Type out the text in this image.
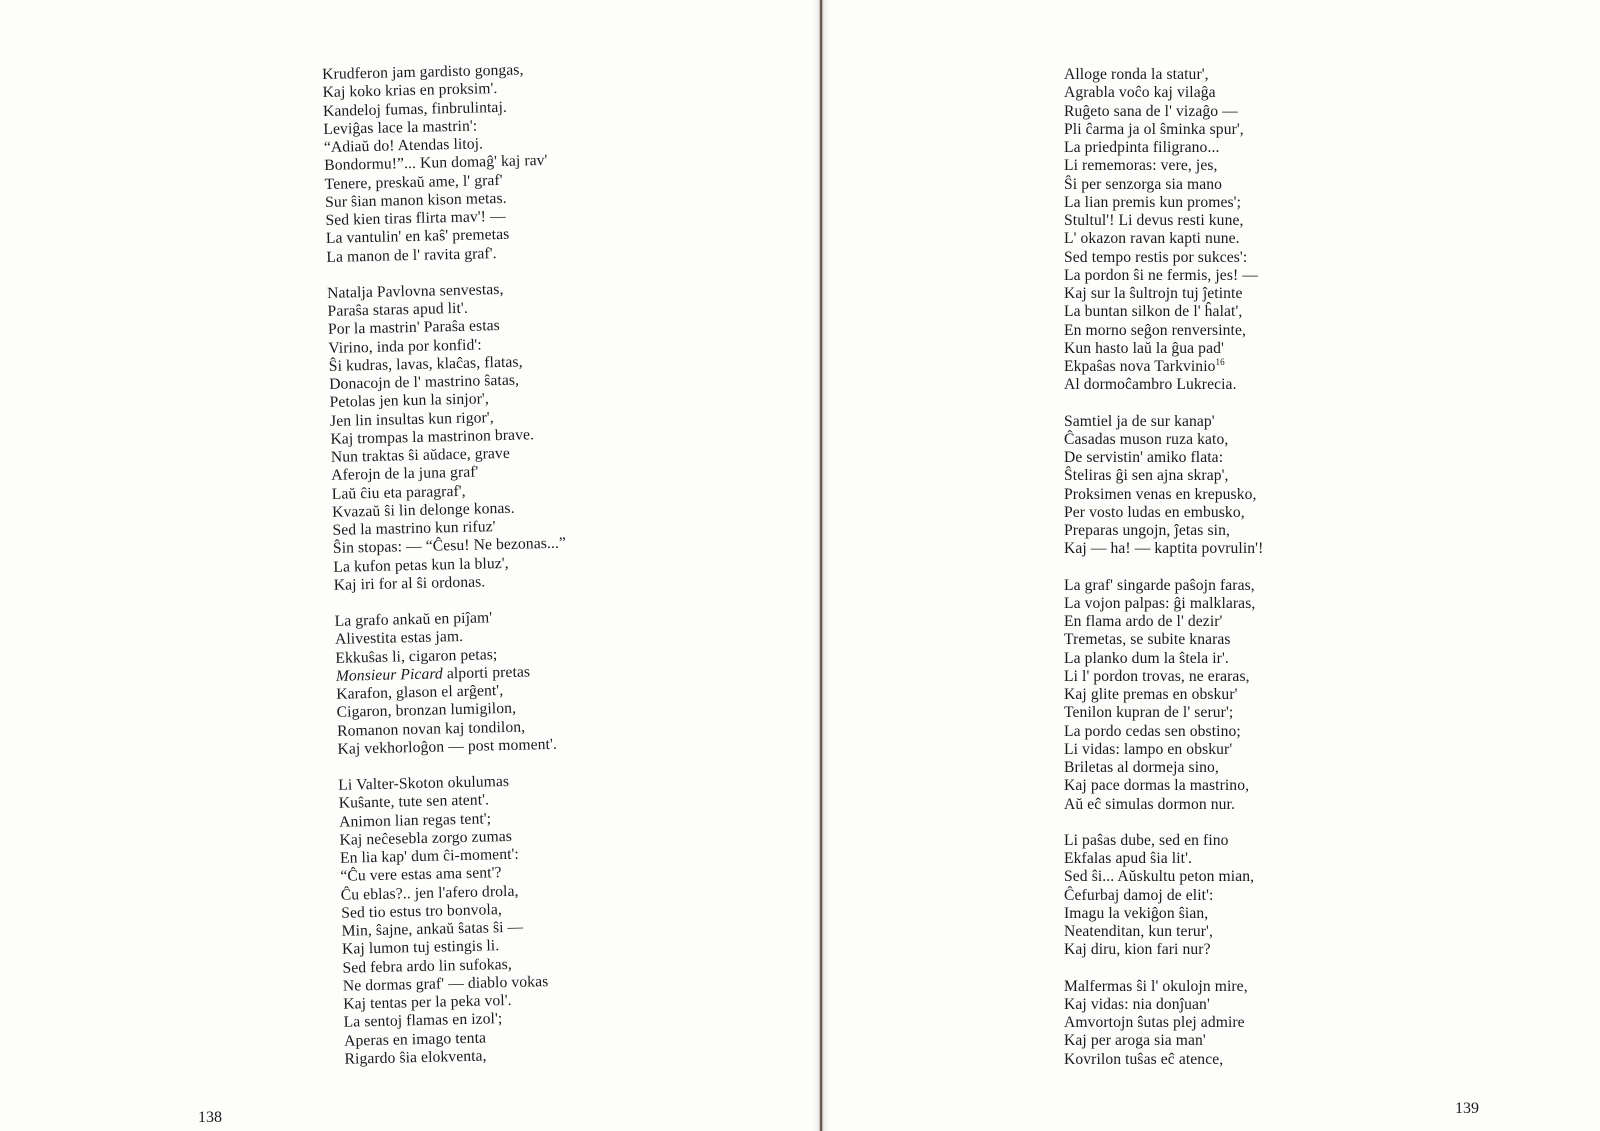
Krudferon jam gardisto gongas,
Kaj koko krias en proksim'.
Kandeloj fumas, finbrulintaj.
Leviĝas lace la mastrin':
“Adiaŭ do! Atendas litoj.
Bondormu!”... Kun domaĝ' kaj rav'
Tenere, preskaŭ ame, l' graf'
Sur ŝian manon kison metas.
Sed kien tiras flirta mav'! —
La vantulin' en kaŝ' premetas
La manon de l' ravita graf'.
Natalja Pavlovna senvestas,
Paraŝa staras apud lit'.
Por la mastrin' Paraŝa estas
Virino, inda por konfid':
Ŝi kudras, lavas, klaĉas, flatas,
Donacojn de l' mastrino ŝatas,
Petolas jen kun la sinjor',
Jen lin insultas kun rigor',
Kaj trompas la mastrinon brave.
Nun traktas ŝi aŭdace, grave
Aferojn de la juna graf'
Laŭ ĉiu eta paragraf',
Kvazaŭ ŝi lin delonge konas.
Sed la mastrino kun rifuz'
Ŝin stopas: — “Ĉesu! Ne bezonas...”
La kufon petas kun la bluz',
Kaj iri for al ŝi ordonas.
La grafo ankaŭ en piĵam'
Alivestita estas jam.
Ekkuŝas li, cigaron petas;
Monsieur Picard alporti pretas
Karafon, glason el arĝent',
Cigaron, bronzan lumigilon,
Romanon novan kaj tondilon,
Kaj vekhorloĝon — post moment'.
Li Valter-Skoton okulumas
Kuŝante, tute sen atent'.
Animon lian regas tent';
Kaj neĉesebla zorgo zumas
En lia kap' dum ĉi-moment':
“Ĉu vere estas ama sent'?
Ĉu eblas?.. jen l'afero drola,
Sed tio estus tro bonvola,
Min, ŝajne, ankaŭ ŝatas ŝi —
Kaj lumon tuj estingis li.
Sed febra ardo lin sufokas,
Ne dormas graf' — diablo vokas
Kaj tentas per la peka vol'.
La sentoj flamas en izol';
Aperas en imago tenta
Rigardo ŝia elokventa,
138
Alloge ronda la statur',
Agrabla voĉo kaj vilaĝa
Ruĝeto sana de l' vizaĝo —
Pli ĉarma ja ol ŝminka spur',
La priedpinta filigrano...
Li rememoras: vere, jes,
Ŝi per senzorga sia mano
La lian premis kun promes';
Stultul'! Li devus resti kune,
L' okazon ravan kapti nune.
Sed tempo restis por sukces':
La pordon ŝi ne fermis, jes! —
Kaj sur la ŝultrojn tuj ĵetinte
La buntan silkon de l' ĥalat',
En morno seĝon renversinte,
Kun hasto laŭ la ĝua pad'
Ekpaŝas nova Tarkvinio$^{16}$
Al dormoĉambro Lukrecia.
Samtiel ja de sur kanap'
Ĉasadas muson ruza kato,
De servistin' amiko flata:
Ŝteliras ĝi sen ajna skrap',
Proksimen venas en krepusko,
Per vosto ludas en embusko,
Preparas ungojn, ĵetas sin,
Kaj — ha! — kaptita povrulin'!
La graf' singarde paŝojn faras,
La vojon palpas: ĝi malklaras,
En flama ardo de l' dezir'
Tremetas, se subite knaras
La planko dum la ŝtela ir'.
Li l' pordon trovas, ne eraras,
Kaj glite premas en obskur'
Tenilon kupran de l' serur';
La pordo cedas sen obstino;
Li vidas: lampo en obskur'
Briletas al dormeja sino,
Kaj pace dormas la mastrino,
Aŭ eĉ simulas dormon nur.
Li paŝas dube, sed en fino
Ekfalas apud ŝia lit'.
Sed ŝi... Aŭskultu peton mian,
Ĉefurbaj damoj de elit':
Imagu la vekiĝon ŝian,
Neatenditan, kun terur',
Kaj diru, kion fari nur?
Malfermas ŝi l' okulojn mire,
Kaj vidas: nia donĵuan'
Amvortojn ŝutas plej admire
Kaj per aroga sia man'
Kovrilon tuŝas eĉ atence,
139
